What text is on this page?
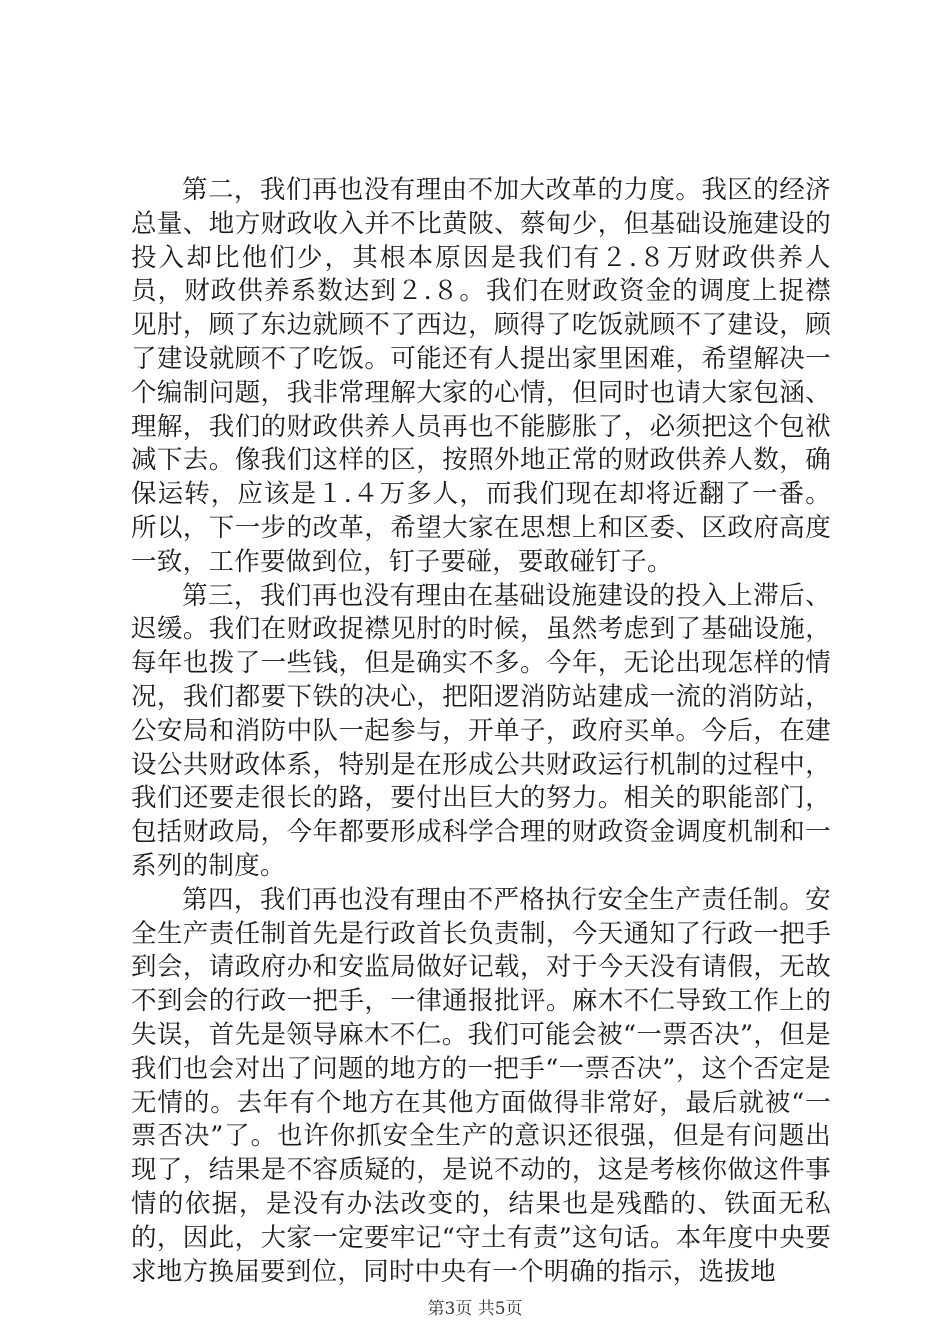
第二，我们再也没有理由不加大改革的力度。我区的经济总量、地方财政收入并不比黄陂、蔡甸少，但基础设施建设的投入却比他们少，其根本原因是我们有２.８万财政供养人员，财政供养系数达到２.８。我们在财政资金的调度上捉襟见肘，顾了东边就顾不了西边，顾得了吃饭就顾不了建设，顾了建设就顾不了吃饭。可能还有人提出家里困难，希望解决一个编制问题，我非常理解大家的心情，但同时也请大家包涵、理解，我们的财政供养人员再也不能膨胀了，必须把这个包袱减下去。像我们这样的区，按照外地正常的财政供养人数，确保运转，应该是１.４万多人，而我们现在却将近翻了一番。所以，下一步的改革，希望大家在思想上和区委、区政府高度一致，工作要做到位，钉子要碰，要敢碰钉子。

第三，我们再也没有理由在基础设施建设的投入上滞后、迟缓。我们在财政捉襟见肘的时候，虽然考虑到了基础设施，每年也拨了一些钱，但是确实不多。今年，无论出现怎样的情况，我们都要下铁的决心，把阳逻消防站建成一流的消防站，公安局和消防中队一起参与，开单子，政府买单。今后，在建设公共财政体系，特别是在形成公共财政运行机制的过程中，我们还要走很长的路，要付出巨大的努力。相关的职能部门，包括财政局，今年都要形成科学合理的财政资金调度机制和一系列的制度。

第四，我们再也没有理由不严格执行安全生产责任制。安全生产责任制首先是行政首长负责制，今天通知了行政一把手到会，请政府办和安监局做好记载，对于今天没有请假，无故不到会的行政一把手，一律通报批评。麻木不仁导致工作上的失误，首先是领导麻木不仁。我们可能会被“一票否决”，但是我们也会对出了问题的地方的一把手“一票否决”，这个否定是无情的。去年有个地方在其他方面做得非常好，最后就被“一票否决”了。也许你抓安全生产的意识还很强，但是有问题出现了，结果是不容质疑的，是说不动的，这是考核你做这件事情的依据，是没有办法改变的，结果也是残酷的、铁面无私的，因此，大家一定要牢记“守土有责”这句话。本年度中央要求地方换届要到位，同时中央有一个明确的指示，选拔地

第3页 共5页
